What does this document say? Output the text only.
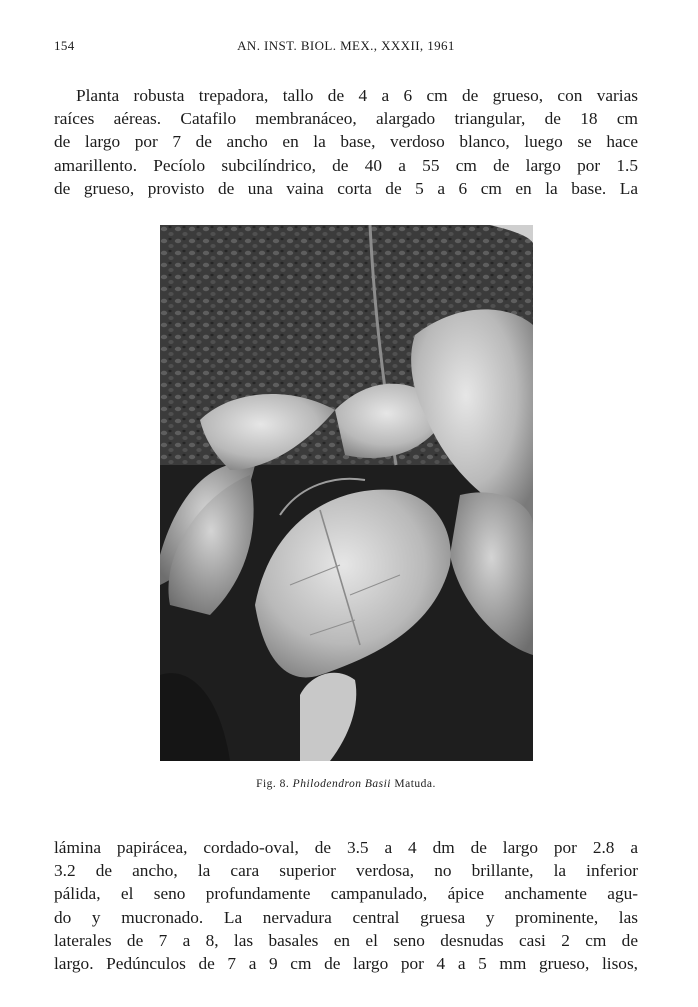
154	AN. INST. BIOL. MEX., XXXII, 1961

Planta robusta trepadora, tallo de 4 a 6 cm de grueso, con varias
raíces aéreas. Catafilo membranáceo, alargado triangular, de 18 cm
de largo por 7 de ancho en la base, verdoso blanco, luego se hace
amarillento. Pecíolo subcilíndrico, de 40 a 55 cm de largo por 1.5
de grueso, provisto de una vaina corta de 5 a 6 cm en la base. La

Fig. 8. Philodendron Basii Matuda.

lámina papirácea, cordado-oval, de 3.5 a 4 dm de largo por 2.8 a
3.2 de ancho, la cara superior verdosa, no brillante, la inferior
pálida, el seno profundamente campanulado, ápice anchamente agu-
do y mucronado. La nervadura central gruesa y prominente, las
laterales de 7 a 8, las basales en el seno desnudas casi 2 cm de
largo. Pedúnculos de 7 a 9 cm de largo por 4 a 5 mm grueso, lisos,
